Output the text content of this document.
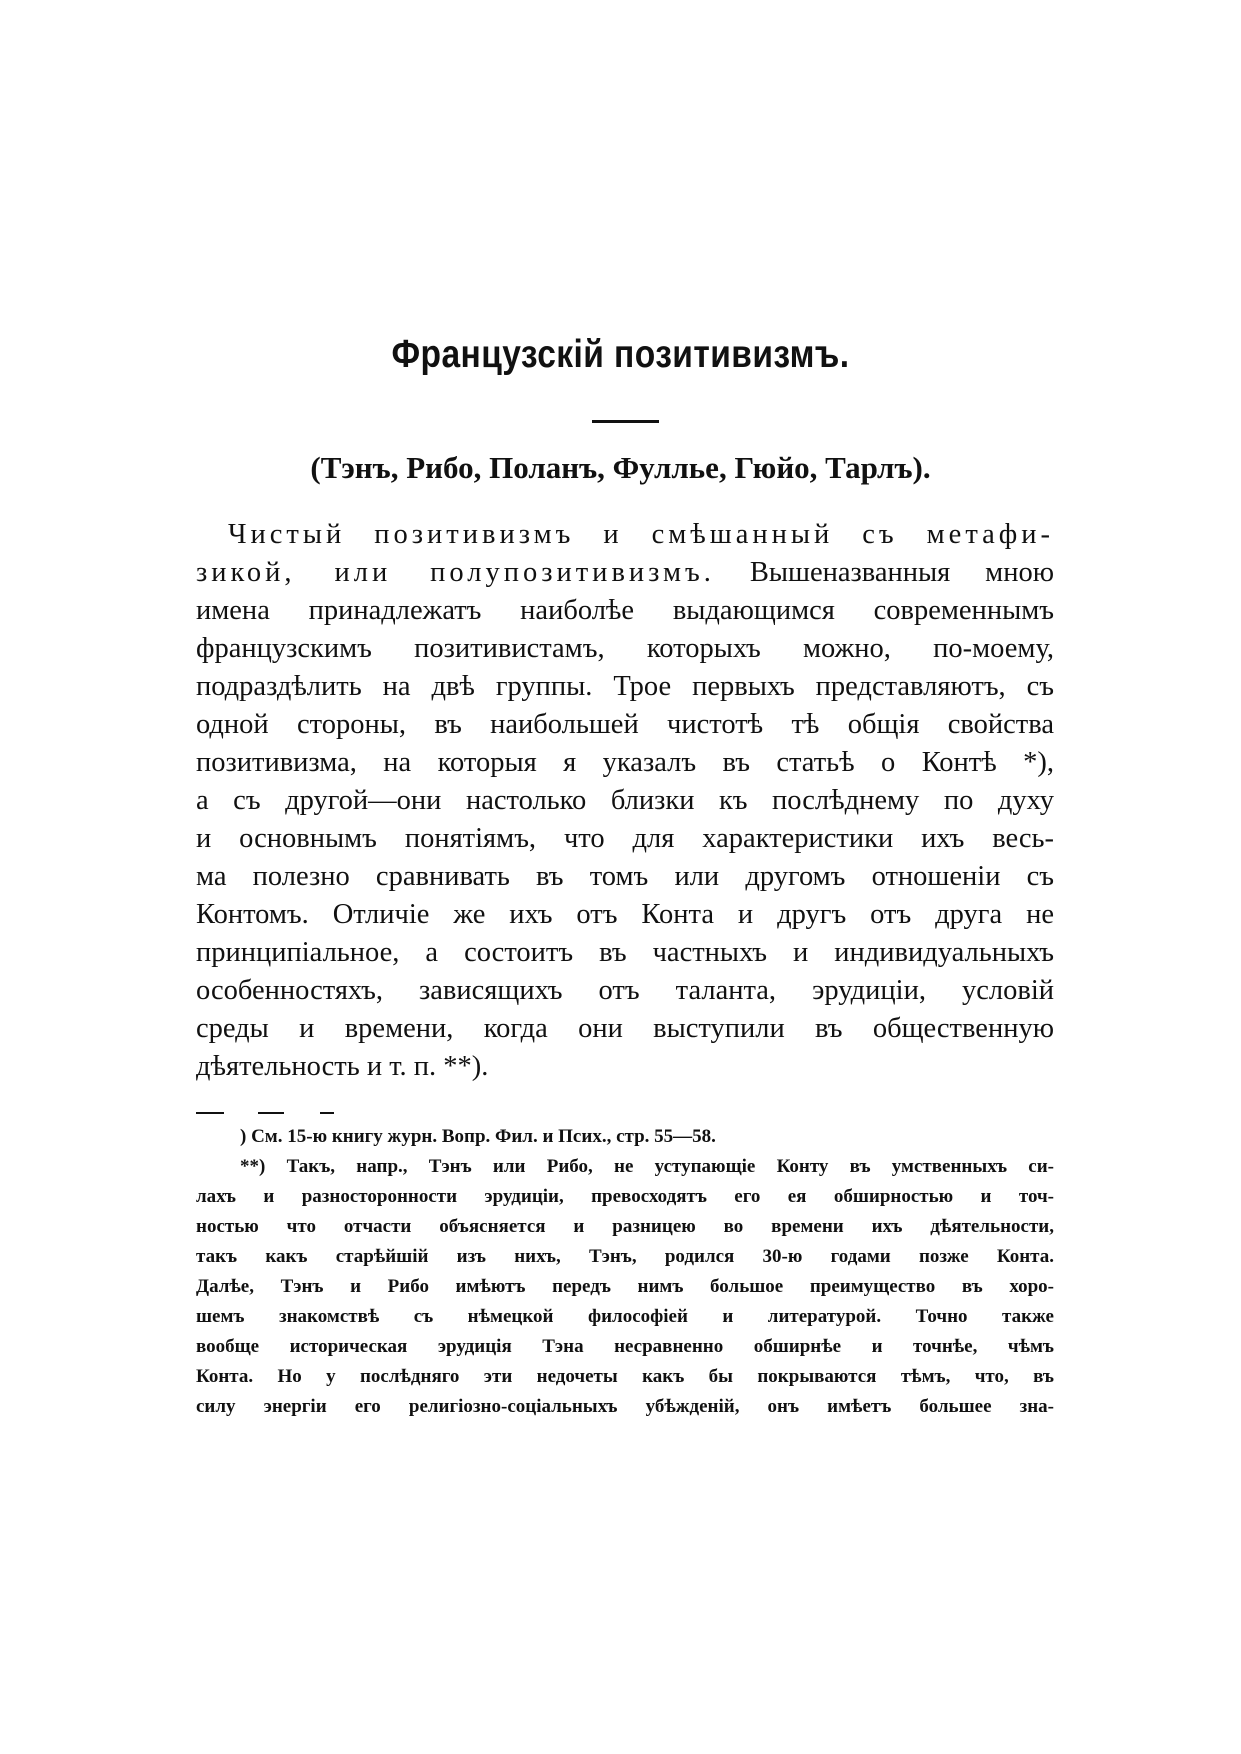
Французскій позитивизмъ.
(Тэнъ, Рибо, Поланъ, Фуллье, Гюйо, Тарлъ).
Чистый позитивизмъ и смѣшанный съ метафи-
зикой, или полупозитивизмъ. Вышеназванныя мною
имена принадлежатъ наиболѣе выдающимся современнымъ
французскимъ позитивистамъ, которыхъ можно, по-моему,
подраздѣлить на двѣ группы. Трое первыхъ представляютъ, съ
одной стороны, въ наибольшей чистотѣ тѣ общія свойства
позитивизма, на которыя я указалъ въ статьѣ о Контѣ *),
а съ другой—они настолько близки къ послѣднему по духу
и основнымъ понятіямъ, что для характеристики ихъ весь-
ма полезно сравнивать въ томъ или другомъ отношеніи съ
Контомъ. Отличіе же ихъ отъ Конта и другъ отъ друга не
принципіальное, а состоитъ въ частныхъ и индивидуальныхъ
особенностяхъ, зависящихъ отъ таланта, эрудиціи, условій
среды и времени, когда они выступили въ общественную
дѣятельность и т. п. **).
) См. 15-ю книгу журн. Вопр. Фил. и Псих., стр. 55—58.
**) Такъ, напр., Тэнъ или Рибо, не уступающіе Конту въ умственныхъ си-
лахъ и разносторонности эрудиціи, превосходятъ его ея обширностью и точ-
ностью что отчасти объясняется и разницею во времени ихъ дѣятельности,
такъ какъ старѣйшій изъ нихъ, Тэнъ, родился 30-ю годами позже Конта.
Далѣе, Тэнъ и Рибо имѣютъ передъ нимъ большое преимущество въ хоро-
шемъ знакомствѣ съ нѣмецкой философіей и литературой. Точно также
вообще историческая эрудиція Тэна несравненно обширнѣе и точнѣе, чѣмъ
Конта. Но у послѣдняго эти недочеты какъ бы покрываются тѣмъ, что, въ
силу энергіи его религіозно-соціальныхъ убѣжденій, онъ имѣетъ большее зна-
